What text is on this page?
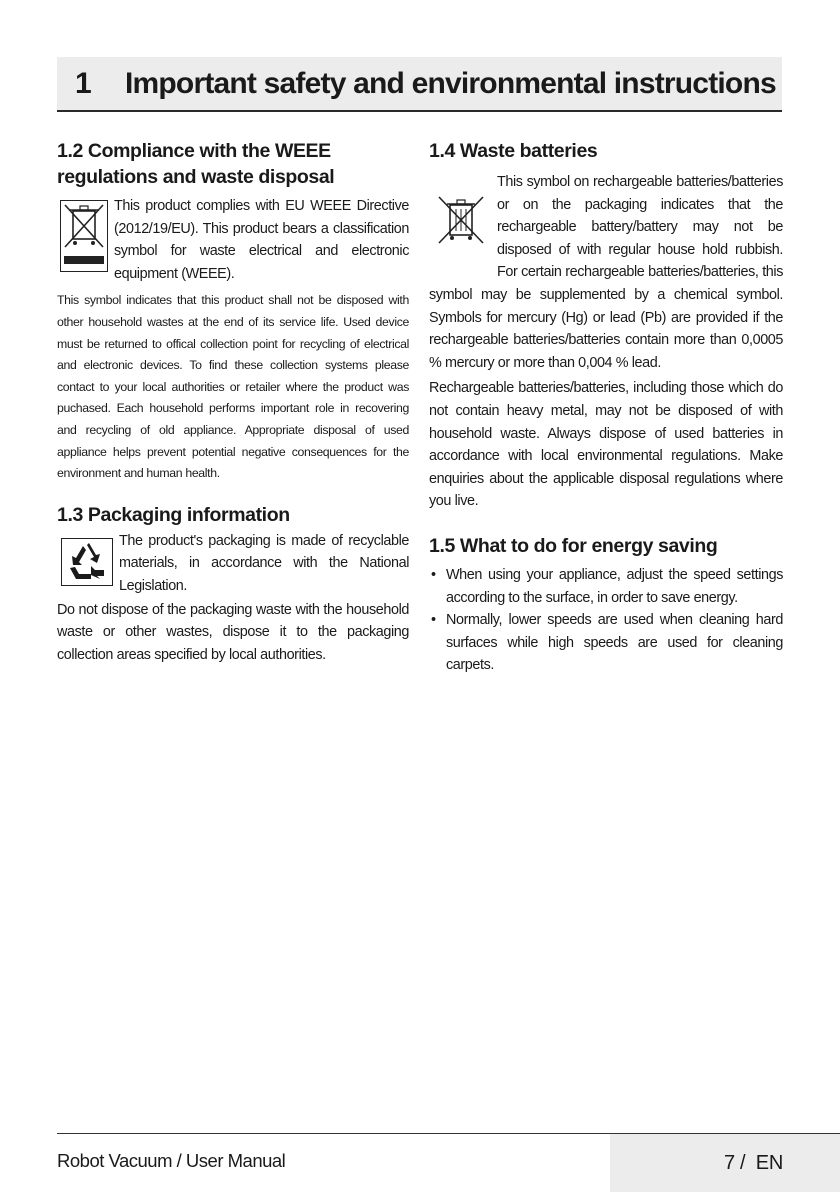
1	Important safety and environmental instructions
1.2 Compliance with the WEEE regulations and waste disposal

This product complies with EU WEEE Directive (2012/19/EU). This product bears a classification symbol for waste electrical and electronic equipment (WEEE).

This symbol indicates that this product shall not be disposed with other household wastes at the end of its service life. Used device must be returned to offical collection point for recycling of electrical and electronic devices. To find these collection systems please contact to your local authorities or retailer where the product was puchased. Each household performs important role in recovering and recycling of old appliance. Appropriate disposal of used appliance helps prevent potential negative consequences for the environment and human health.

1.3 Packaging information

The product's packaging is made of recyclable materials, in accordance with the National Legislation.

Do not dispose of the packaging waste with the household waste or other wastes, dispose it to the packaging collection areas specified by local authorities.

1.4 Waste batteries

This symbol on rechargeable batteries/batteries or on the packaging indicates that the rechargeable battery/battery may not be disposed of with regular house hold rubbish. For certain rechargeable batteries/batteries, this symbol may be supplemented by a chemical symbol. Symbols for mercury (Hg) or lead (Pb) are provided if the rechargeable batteries/batteries contain more than 0,0005 % mercury or more than 0,004 % lead.

Rechargeable batteries/batteries, including those which do not contain heavy metal, may not be disposed of with household waste. Always dispose of used batteries in accordance with local environmental regulations. Make enquiries about the applicable disposal regulations where you live.

1.5 What to do for energy saving
• When using your appliance, adjust the speed settings according to the surface, in order to save energy.
• Normally, lower speeds are used when cleaning hard surfaces while high speeds are used for cleaning carpets.
Robot Vacuum / User Manual	7 /  EN
